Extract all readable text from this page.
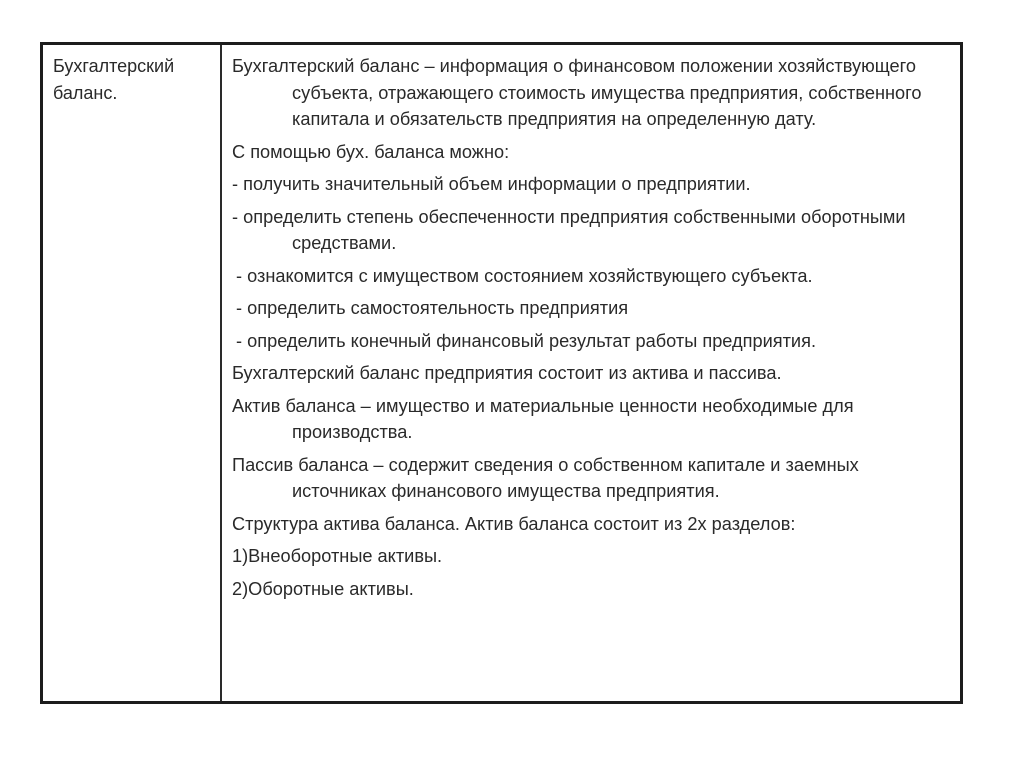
Бухгалтерский баланс.

Бухгалтерский баланс – информация о финансовом положении хозяйствующего субъекта, отражающего стоимость имущества предприятия, собственного капитала и обязательств предприятия на определенную дату.

С помощью бух. баланса можно:

- получить значительный объем информации о предприятии.

- определить степень обеспеченности предприятия собственными оборотными средствами.

- ознакомится с имуществом состоянием хозяйствующего субъекта.

- определить самостоятельность предприятия

- определить конечный финансовый результат работы предприятия.

Бухгалтерский баланс предприятия состоит из актива и пассива.

Актив баланса – имущество и материальные ценности необходимые для производства.

Пассив баланса – содержит сведения о собственном капитале и заемных источниках финансового имущества предприятия.

Структура актива баланса. Актив баланса состоит из 2х разделов:

1)Внеоборотные активы.

2)Оборотные активы.
